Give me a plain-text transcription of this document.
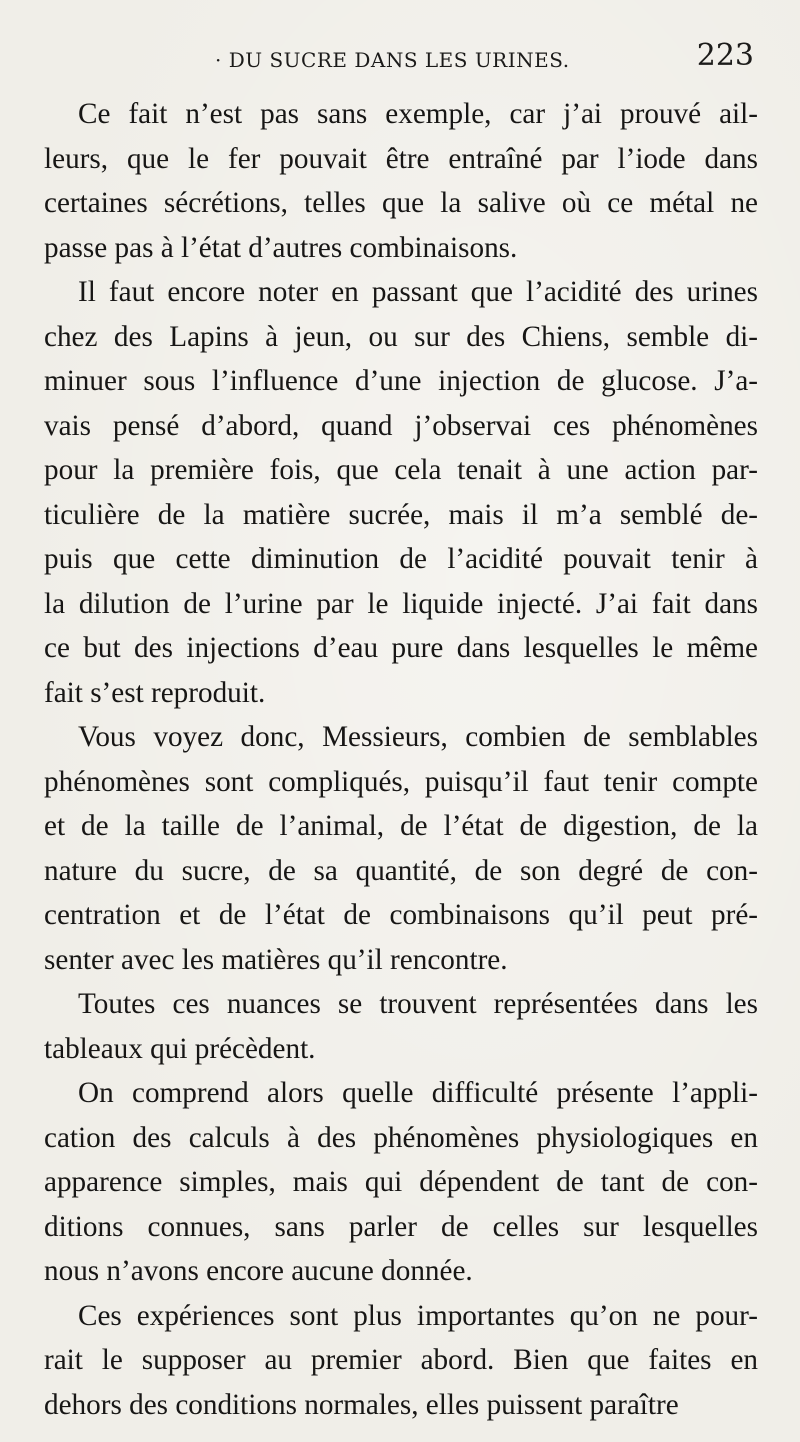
· DU SUCRE DANS LES URINES.	223
Ce fait n’est pas sans exemple, car j’ai prouvé ail-
leurs, que le fer pouvait être entraîné par l’iode dans
certaines sécrétions, telles que la salive où ce métal ne
passe pas à l’état d’autres combinaisons.
Il faut encore noter en passant que l’acidité des urines
chez des Lapins à jeun, ou sur des Chiens, semble di-
minuer sous l’influence d’une injection de glucose. J’a-
vais pensé d’abord, quand j’observai ces phénomènes
pour la première fois, que cela tenait à une action par-
ticulière de la matière sucrée, mais il m’a semblé de-
puis que cette diminution de l’acidité pouvait tenir à
la dilution de l’urine par le liquide injecté. J’ai fait dans
ce but des injections d’eau pure dans lesquelles le même
fait s’est reproduit.
Vous voyez donc, Messieurs, combien de semblables
phénomènes sont compliqués, puisqu’il faut tenir compte
et de la taille de l’animal, de l’état de digestion, de la
nature du sucre, de sa quantité, de son degré de con-
centration et de l’état de combinaisons qu’il peut pré-
senter avec les matières qu’il rencontre.
Toutes ces nuances se trouvent représentées dans les
tableaux qui précèdent.
On comprend alors quelle difficulté présente l’appli-
cation des calculs à des phénomènes physiologiques en
apparence simples, mais qui dépendent de tant de con-
ditions connues, sans parler de celles sur lesquelles
nous n’avons encore aucune donnée.
Ces expériences sont plus importantes qu’on ne pour-
rait le supposer au premier abord. Bien que faites en
dehors des conditions normales, elles puissent paraître
